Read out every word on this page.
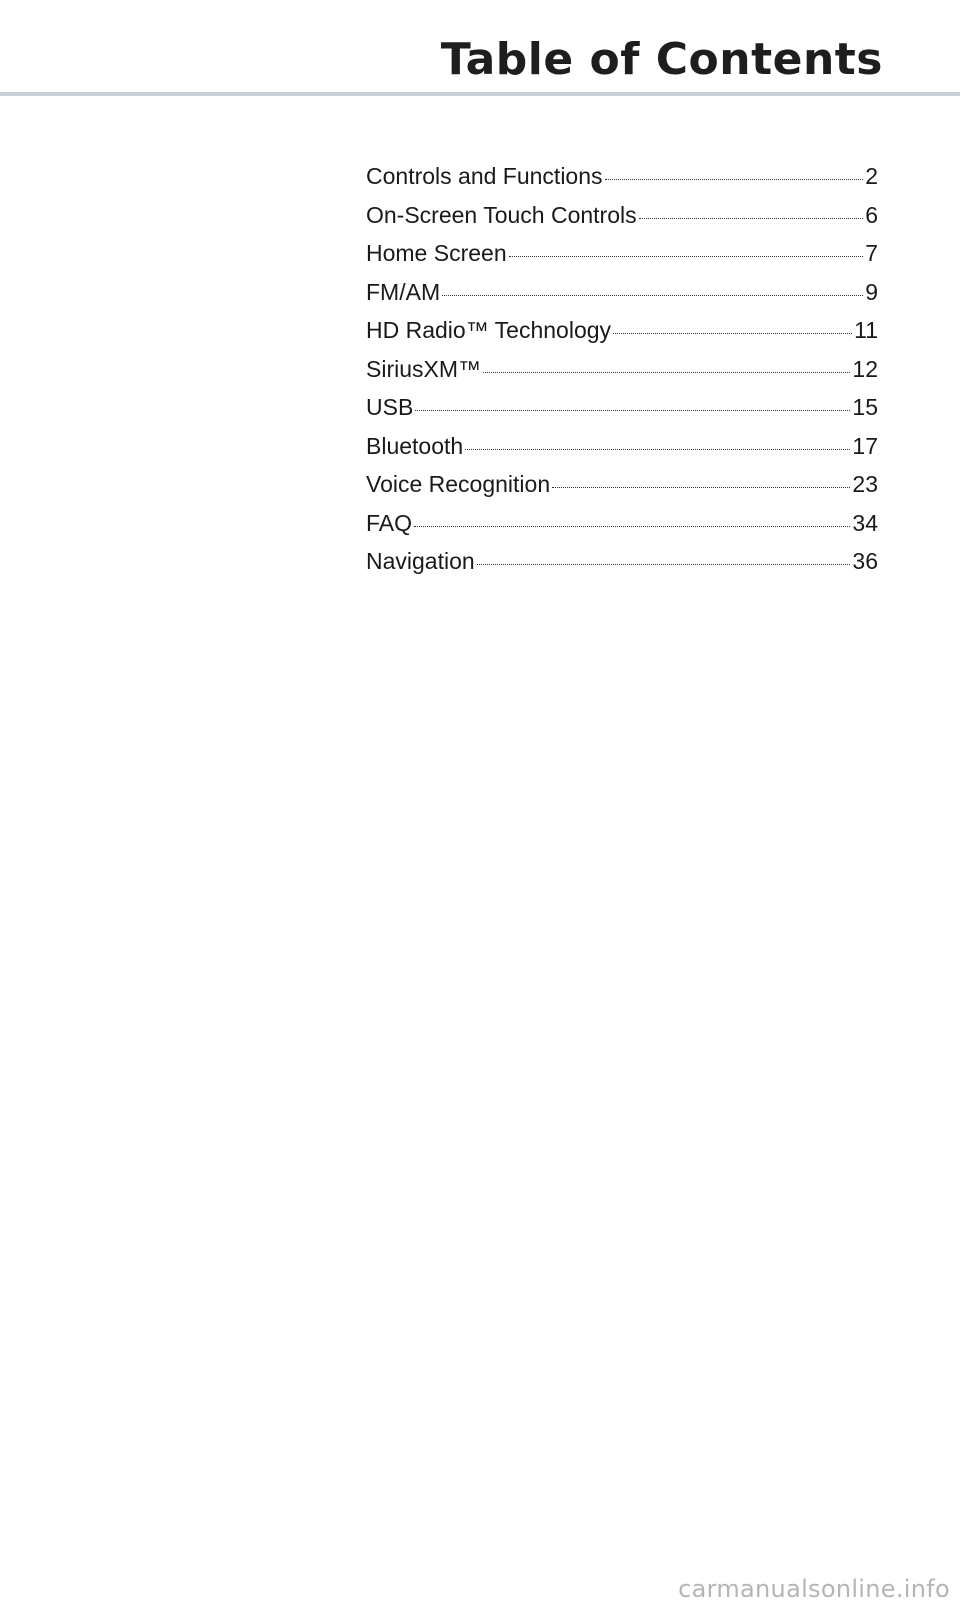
Table of Contents
Controls and Functions	2
On-Screen Touch Controls	6
Home Screen	7
FM/AM	9
HD Radio™ Technology	11
SiriusXM™	12
USB	15
Bluetooth	17
Voice Recognition	23
FAQ	34
Navigation	36
carmanualsonline.info
